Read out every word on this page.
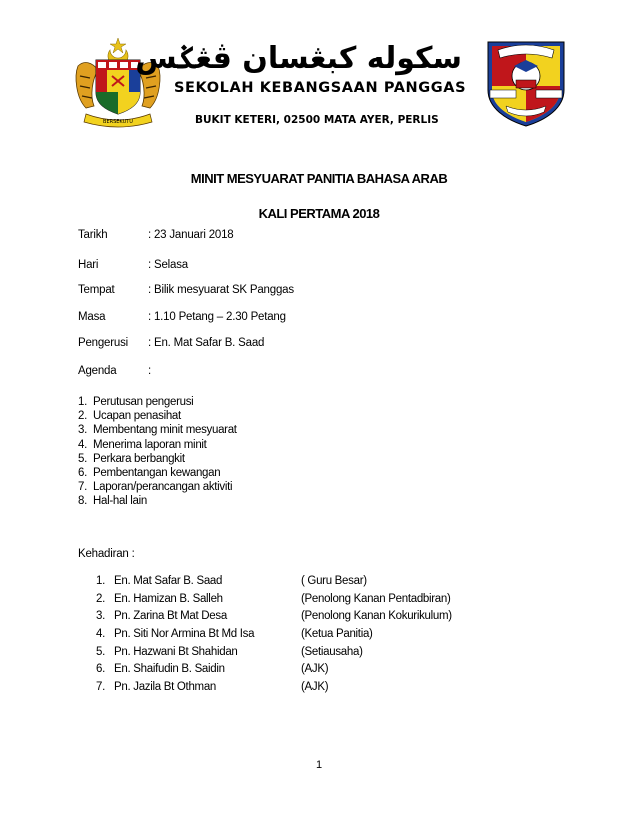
BERSEKUTU
سکوله کبڠسان ڤڠݢس
SEKOLAH KEBANGSAAN PANGGAS
BUKIT KETERI, 02500 MATA AYER, PERLIS
MINIT MESYUARAT PANITIA BAHASA ARAB
KALI PERTAMA 2018
Tarikh	: 23 Januari 2018
Hari	: Selasa
Tempat	: Bilik mesyuarat SK Panggas
Masa	: 1.10 Petang – 2.30 Petang
Pengerusi : En. Mat Safar B. Saad
Agenda	:
1. Perutusan pengerusi
2. Ucapan penasihat
3. Membentang minit mesyuarat
4. Menerima laporan minit
5. Perkara berbangkit
6. Pembentangan kewangan
7. Laporan/perancangan aktiviti
8. Hal-hal lain
Kehadiran :
1. En. Mat Safar B. Saad	( Guru Besar)
2. En. Hamizan B. Salleh	(Penolong Kanan Pentadbiran)
3. Pn. Zarina Bt Mat Desa	(Penolong Kanan Kokurikulum)
4. Pn. Siti Nor Armina Bt Md Isa	(Ketua Panitia)
5. Pn. Hazwani Bt Shahidan	(Setiausaha)
6. En. Shaifudin B. Saidin	(AJK)
7. Pn. Jazila Bt Othman	(AJK)
1
